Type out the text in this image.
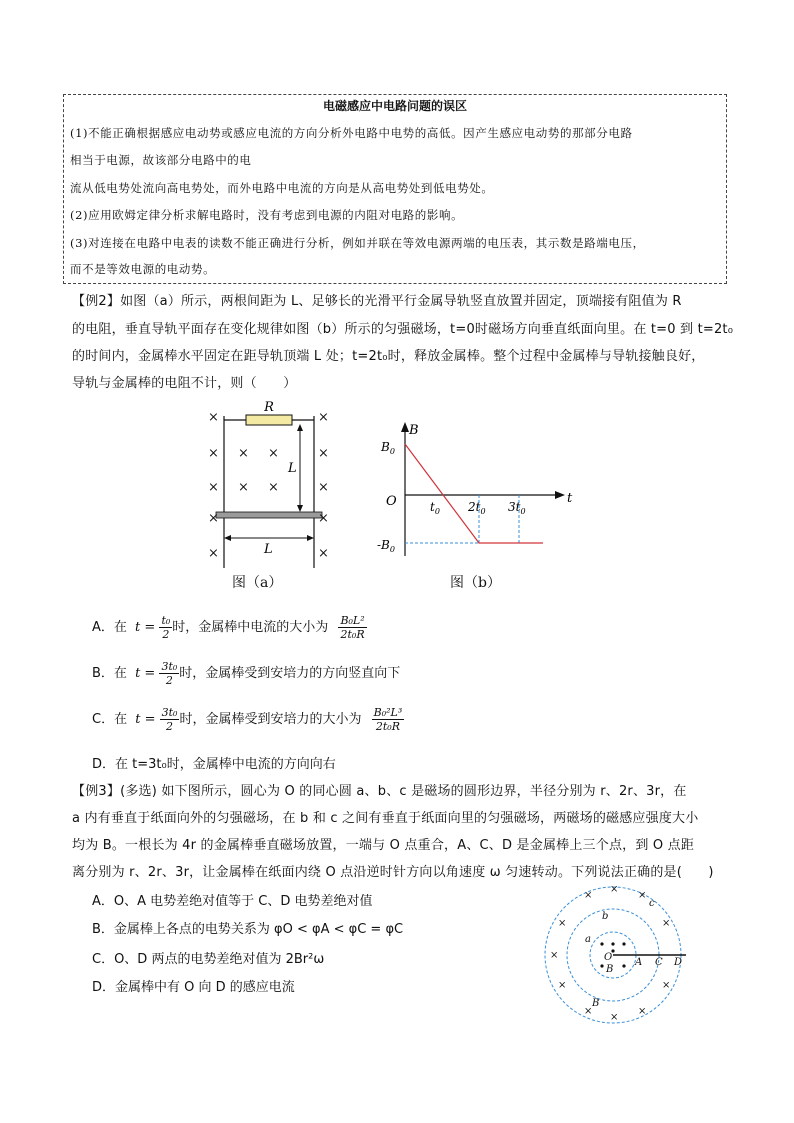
电磁感应中电路问题的误区
(1)不能正确根据感应电动势或感应电流的方向分析外电路中电势的高低。因产生感应电动势的那部分电路
相当于电源，故该部分电路中的电
流从低电势处流向高电势处，而外电路中电流的方向是从高电势处到低电势处。
(2)应用欧姆定律分析求解电路时，没有考虑到电源的内阻对电路的影响。
(3)对连接在电路中电表的读数不能正确进行分析，例如并联在等效电源两端的电压表，其示数是路端电压，
而不是等效电源的电动势。
【例2】如图（a）所示，两根间距为 L、足够长的光滑平行金属导轨竖直放置并固定，顶端接有阻值为 R
的电阻，垂直导轨平面存在变化规律如图（b）所示的匀强磁场，t=0时磁场方向垂直纸面向里。在 t=0 到 t=2t₀
的时间内，金属棒水平固定在距导轨顶端 L 处；t=2t₀时，释放金属棒。整个过程中金属棒与导轨接触良好，
导轨与金属棒的电阻不计，则（　　）
R
L
L
×	×
× × ×	×
× × ×	×
×	×
×	×
图（a）
B
t
O
$B_0$
$-B_0$
$t_0$ $2t_0$ $3t_0$
图（b）
A．在 $t = \frac{\text{t₀}}{2}$ 时，金属棒中电流的大小为 $\frac{\text{B₀L²}}{\text{2t₀R}}$
B．在 $t = \frac{\text{3t₀}}{2}$ 时，金属棒受到安培力的方向竖直向下
C．在 $t = \frac{\text{3t₀}}{2}$ 时，金属棒受到安培力的大小为 $\frac{\text{B₀²L³}}{\text{2t₀R}}$
D．在 t=3t₀时，金属棒中电流的方向向右
【例3】(多选) 如下图所示，圆心为 O 的同心圆 a、b、c 是磁场的圆形边界，半径分别为 r、2r、3r，在
a 内有垂直于纸面向外的匀强磁场，在 b 和 c 之间有垂直于纸面向里的匀强磁场，两磁场的磁感应强度大小
均为 B。一根长为 4r 的金属棒垂直磁场放置，一端与 O 点重合，A、C、D 是金属棒上三个点，到 O 点距
离分别为 r、2r、3r，让金属棒在纸面内绕 O 点沿逆时针方向以角速度 ω 匀速转动。下列说法正确的是(　　)
A．O、A 电势差绝对值等于 C、D 电势差绝对值
B．金属棒上各点的电势关系为 φO < φA < φC = φC
C．O、D 两点的电势差绝对值为 2Br²ω
D．金属棒中有 O 向 D 的感应电流
×
×
×
×	×
×
×	×
×
×
×
a
b
c
O A
B
C D
B
